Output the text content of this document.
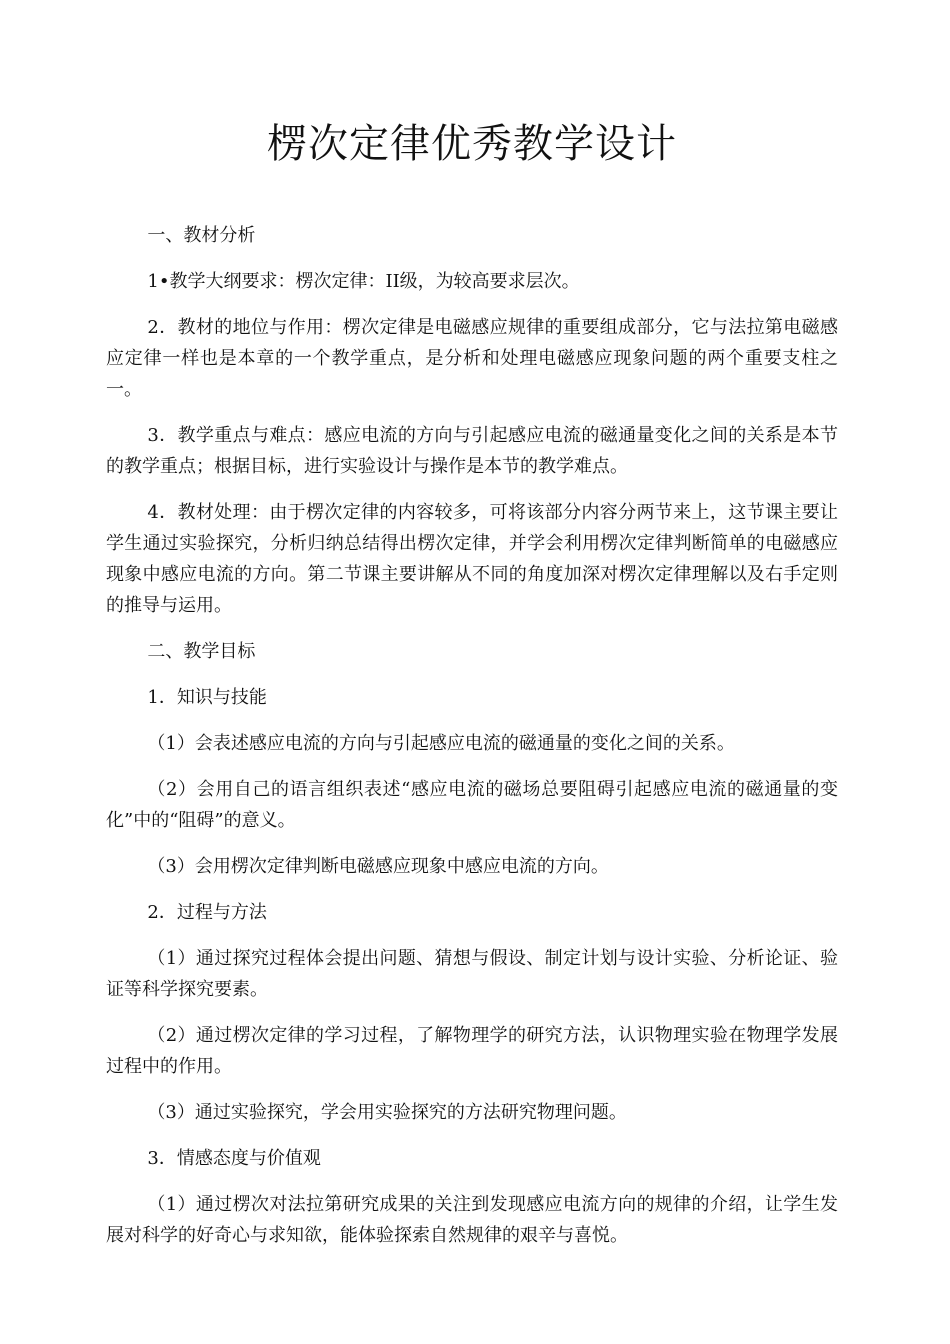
楞次定律优秀教学设计

一、教材分析

1•教学大纲要求：楞次定律：II级，为较高要求层次。

2．教材的地位与作用：楞次定律是电磁感应规律的重要组成部分，它与法拉第电磁感应定律一样也是本章的一个教学重点，是分析和处理电磁感应现象问题的两个重要支柱之一。

3．教学重点与难点：感应电流的方向与引起感应电流的磁通量变化之间的关系是本节的教学重点；根据目标，进行实验设计与操作是本节的教学难点。

4．教材处理：由于楞次定律的内容较多，可将该部分内容分两节来上，这节课主要让学生通过实验探究，分析归纳总结得出楞次定律，并学会利用楞次定律判断简单的电磁感应现象中感应电流的方向。第二节课主要讲解从不同的角度加深对楞次定律理解以及右手定则的推导与运用。

二、教学目标

1．知识与技能

（1）会表述感应电流的方向与引起感应电流的磁通量的变化之间的关系。

（2）会用自己的语言组织表述“感应电流的磁场总要阻碍引起感应电流的磁通量的变化”中的“阻碍”的意义。

（3）会用楞次定律判断电磁感应现象中感应电流的方向。

2．过程与方法

（1）通过探究过程体会提出问题、猜想与假设、制定计划与设计实验、分析论证、验证等科学探究要素。

（2）通过楞次定律的学习过程，了解物理学的研究方法，认识物理实验在物理学发展过程中的作用。

（3）通过实验探究，学会用实验探究的方法研究物理问题。

3．情感态度与价值观

（1）通过楞次对法拉第研究成果的关注到发现感应电流方向的规律的介绍，让学生发展对科学的好奇心与求知欲，能体验探索自然规律的艰辛与喜悦。
